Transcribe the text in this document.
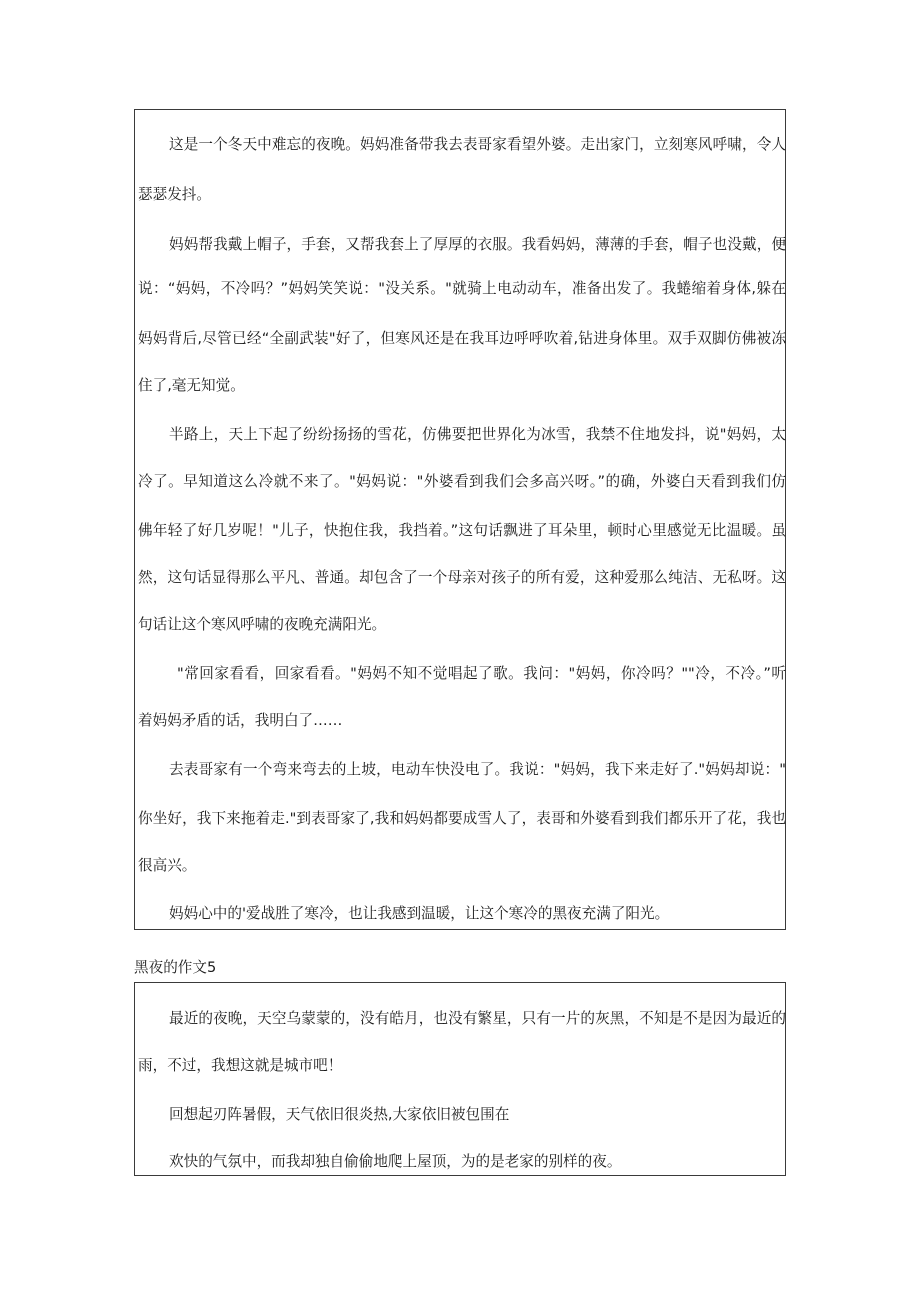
这是一个冬天中难忘的夜晚。妈妈准备带我去表哥家看望外婆。走出家门，立刻寒风呼啸，令人
瑟瑟发抖。
妈妈帮我戴上帽子，手套，又帮我套上了厚厚的衣服。我看妈妈，薄薄的手套，帽子也没戴，便
说：“妈妈，不冷吗？”妈妈笑笑说："没关系。"就骑上电动动车，准备出发了。我蜷缩着身体,躲在
妈妈背后,尽管已经“全副武装"好了，但寒风还是在我耳边呼呼吹着,钻进身体里。双手双脚仿佛被冻
住了,毫无知觉。
半路上，天上下起了纷纷扬扬的雪花，仿佛要把世界化为冰雪，我禁不住地发抖，说"妈妈，太
冷了。早知道这么冷就不来了。"妈妈说："外婆看到我们会多高兴呀。”的确，外婆白天看到我们仿
佛年轻了好几岁呢！"儿子，快抱住我，我挡着。”这句话飘进了耳朵里，顿时心里感觉无比温暖。虽
然，这句话显得那么平凡、普通。却包含了一个母亲对孩子的所有爱，这种爱那么纯洁、无私呀。这
句话让这个寒风呼啸的夜晚充满阳光。
"常回家看看，回家看看。"妈妈不知不觉唱起了歌。我问："妈妈，你冷吗？""冷，不冷。”听
着妈妈矛盾的话，我明白了……
去表哥家有一个弯来弯去的上坡，电动车快没电了。我说："妈妈，我下来走好了."妈妈却说："
你坐好，我下来拖着走."到表哥家了,我和妈妈都要成雪人了，表哥和外婆看到我们都乐开了花，我也
很高兴。
妈妈心中的'爱战胜了寒冷，也让我感到温暖，让这个寒冷的黑夜充满了阳光。
黑夜的作文5
最近的夜晚，天空乌蒙蒙的，没有皓月，也没有繁星，只有一片的灰黑，不知是不是因为最近的
雨，不过，我想这就是城市吧！
回想起刃阵暑假，天气依旧很炎热,大家依旧被包围在
欢快的气氛中，而我却独自偷偷地爬上屋顶，为的是老家的别样的夜。
